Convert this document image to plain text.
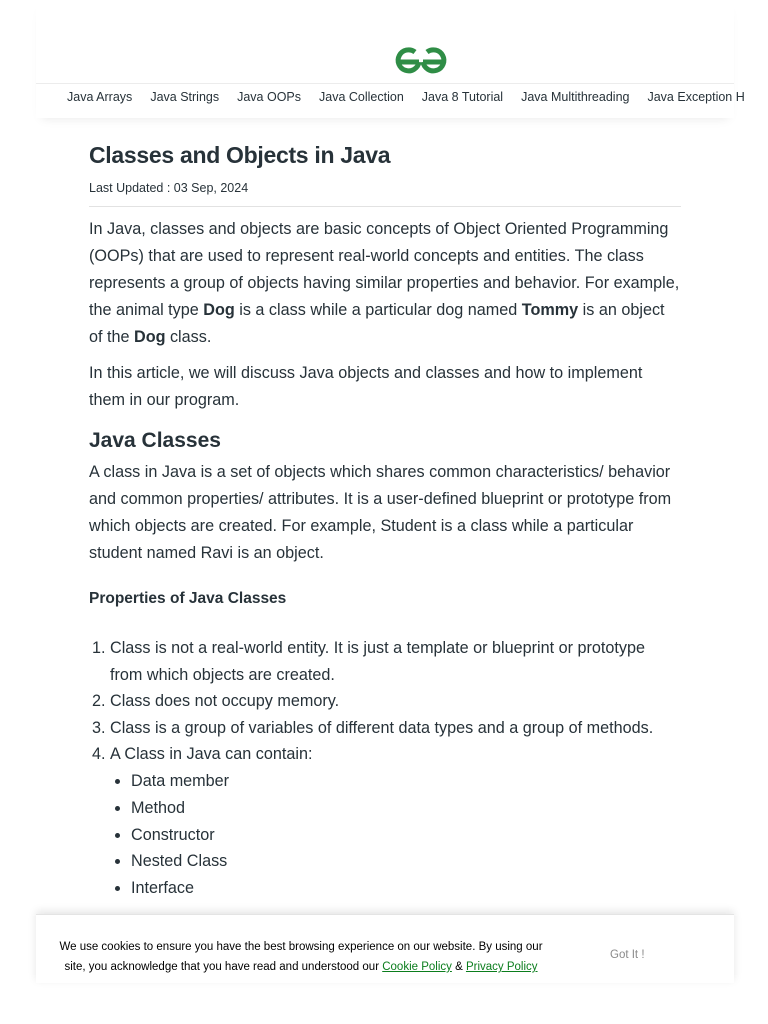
Java Arrays Java Strings Java OOPs Java Collection Java 8 Tutorial Java Multithreading Java Exception H
Classes and Objects in Java
Last Updated : 03 Sep, 2024

In Java, classes and objects are basic concepts of Object Oriented Programming (OOPs) that are used to represent real-world concepts and entities. The class represents a group of objects having similar properties and behavior. For example, the animal type Dog is a class while a particular dog named Tommy is an object of the Dog class.

In this article, we will discuss Java objects and classes and how to implement them in our program.

Java Classes

A class in Java is a set of objects which shares common characteristics/ behavior and common properties/ attributes. It is a user-defined blueprint or prototype from which objects are created. For example, Student is a class while a particular student named Ravi is an object.

Properties of Java Classes
1. Class is not a real-world entity. It is just a template or blueprint or prototype from which objects are created.
2. Class does not occupy memory.
3. Class is a group of variables of different data types and a group of methods.
4. A Class in Java can contain:
• Data member
• Method
• Constructor
• Nested Class
• Interface
We use cookies to ensure you have the best browsing experience on our website. By using our site, you acknowledge that you have read and understood our Cookie Policy & Privacy Policy
Got It !
